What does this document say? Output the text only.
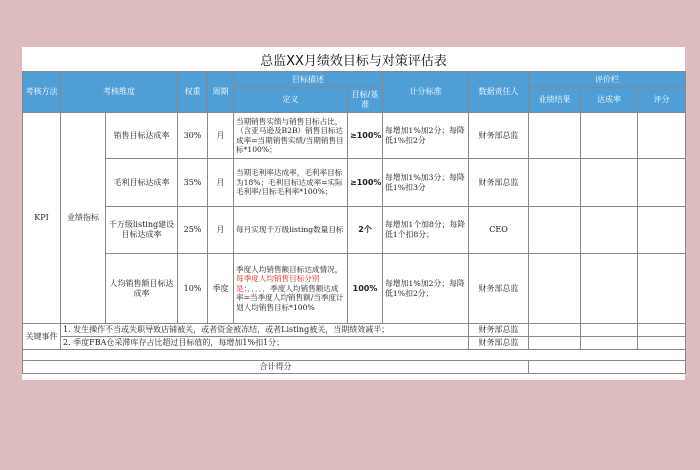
总监XX月绩效目标与对策评估表
考核方法	考核维度		权重	周期	目标描述		计分标准	数据责任人	评价栏		
					定义	目标/基准			业绩结果	达成率	评分
KPI	业绩指标	销售目标达成率	30%	月	当期销售实绩与销售目标占比，（含亚马逊及B2B）销售目标达成率=当期销售实绩/当期销售目标*100%；	≥100%	每增加1%加2分；每降低1%扣2分	财务部总监			
		毛利目标达成率	35%	月	当期毛利率达成率，毛利率目标为18%；毛利目标达成率=实际毛利率/目标毛利率*100%；	≥100%	每增加1%加3分；每降低1%扣3分	财务部总监			
		千万级listing建设目标达成率	25%	月	每月实现千万级listing数量目标	2个	每增加1个加8分；每降低1个扣8分；	CEO			
		人均销售额目标达成率	10%	季度	季度人均销售额目标达成情况，每季度人均销售目标分别是：．．．．．季度人均销售额达成率=当季度人均销售额/当季度计划人均销售目标*100%	100%	每增加1%加2分；每降低1%扣2分；	财务部总监			
关键事件	1. 发生操作不当或失职导致店铺被关，或者资金被冻结，或者Listing被关，当期绩效减半；							财务部总监			
	2. 季度FBA仓采滞库存占比超过目标值的，每增加1%扣1分；							财务部总监			

合计得分											
